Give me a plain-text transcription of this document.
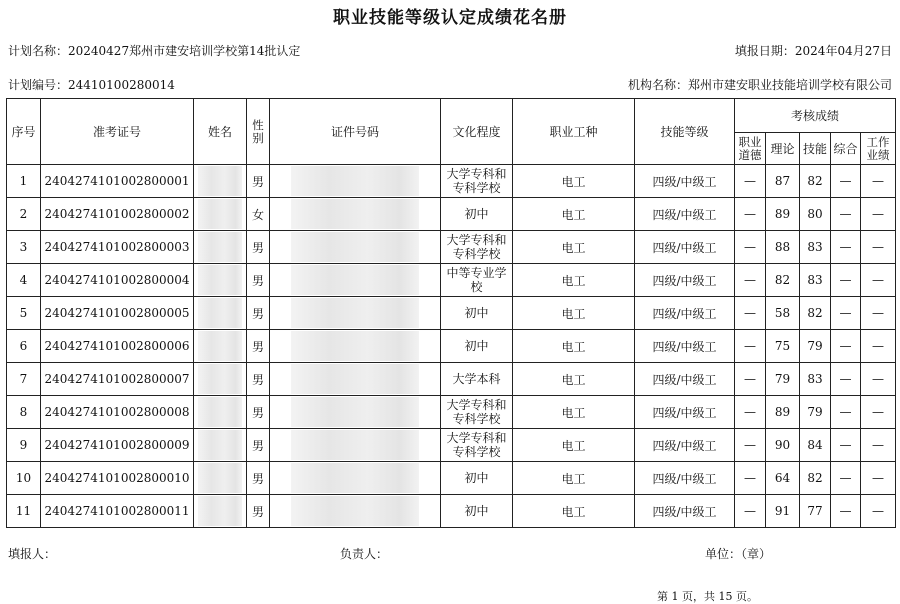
职业技能等级认定成绩花名册
计划名称：20240427郑州市建安培训学校第14批认定	填报日期：2024年04月27日
计划编号：24410100280014	机构名称：郑州市建安职业技能培训学校有限公司
序号	准考证号	姓名	性别	证件号码	文化程度	职业工种	技能等级	考核成绩				
								职业道德	理论	技能	综合	工作业绩
1	2404274101002800001		男		大学专科和专科学校	电工	四级/中级工	—	87	82	—	—
2	2404274101002800002		女		初中	电工	四级/中级工	—	89	80	—	—
3	2404274101002800003		男		大学专科和专科学校	电工	四级/中级工	—	88	83	—	—
4	2404274101002800004		男		中等专业学校	电工	四级/中级工	—	82	83	—	—
5	2404274101002800005		男		初中	电工	四级/中级工	—	58	82	—	—
6	2404274101002800006		男		初中	电工	四级/中级工	—	75	79	—	—
7	2404274101002800007		男		大学本科	电工	四级/中级工	—	79	83	—	—
8	2404274101002800008		男		大学专科和专科学校	电工	四级/中级工	—	89	79	—	—
9	2404274101002800009		男		大学专科和专科学校	电工	四级/中级工	—	90	84	—	—
10	2404274101002800010		男		初中	电工	四级/中级工	—	64	82	—	—
11	2404274101002800011		男		初中	电工	四级/中级工	—	91	77	—	—
填报人：	负责人：	单位：（章）
第 1 页，共 15 页。
